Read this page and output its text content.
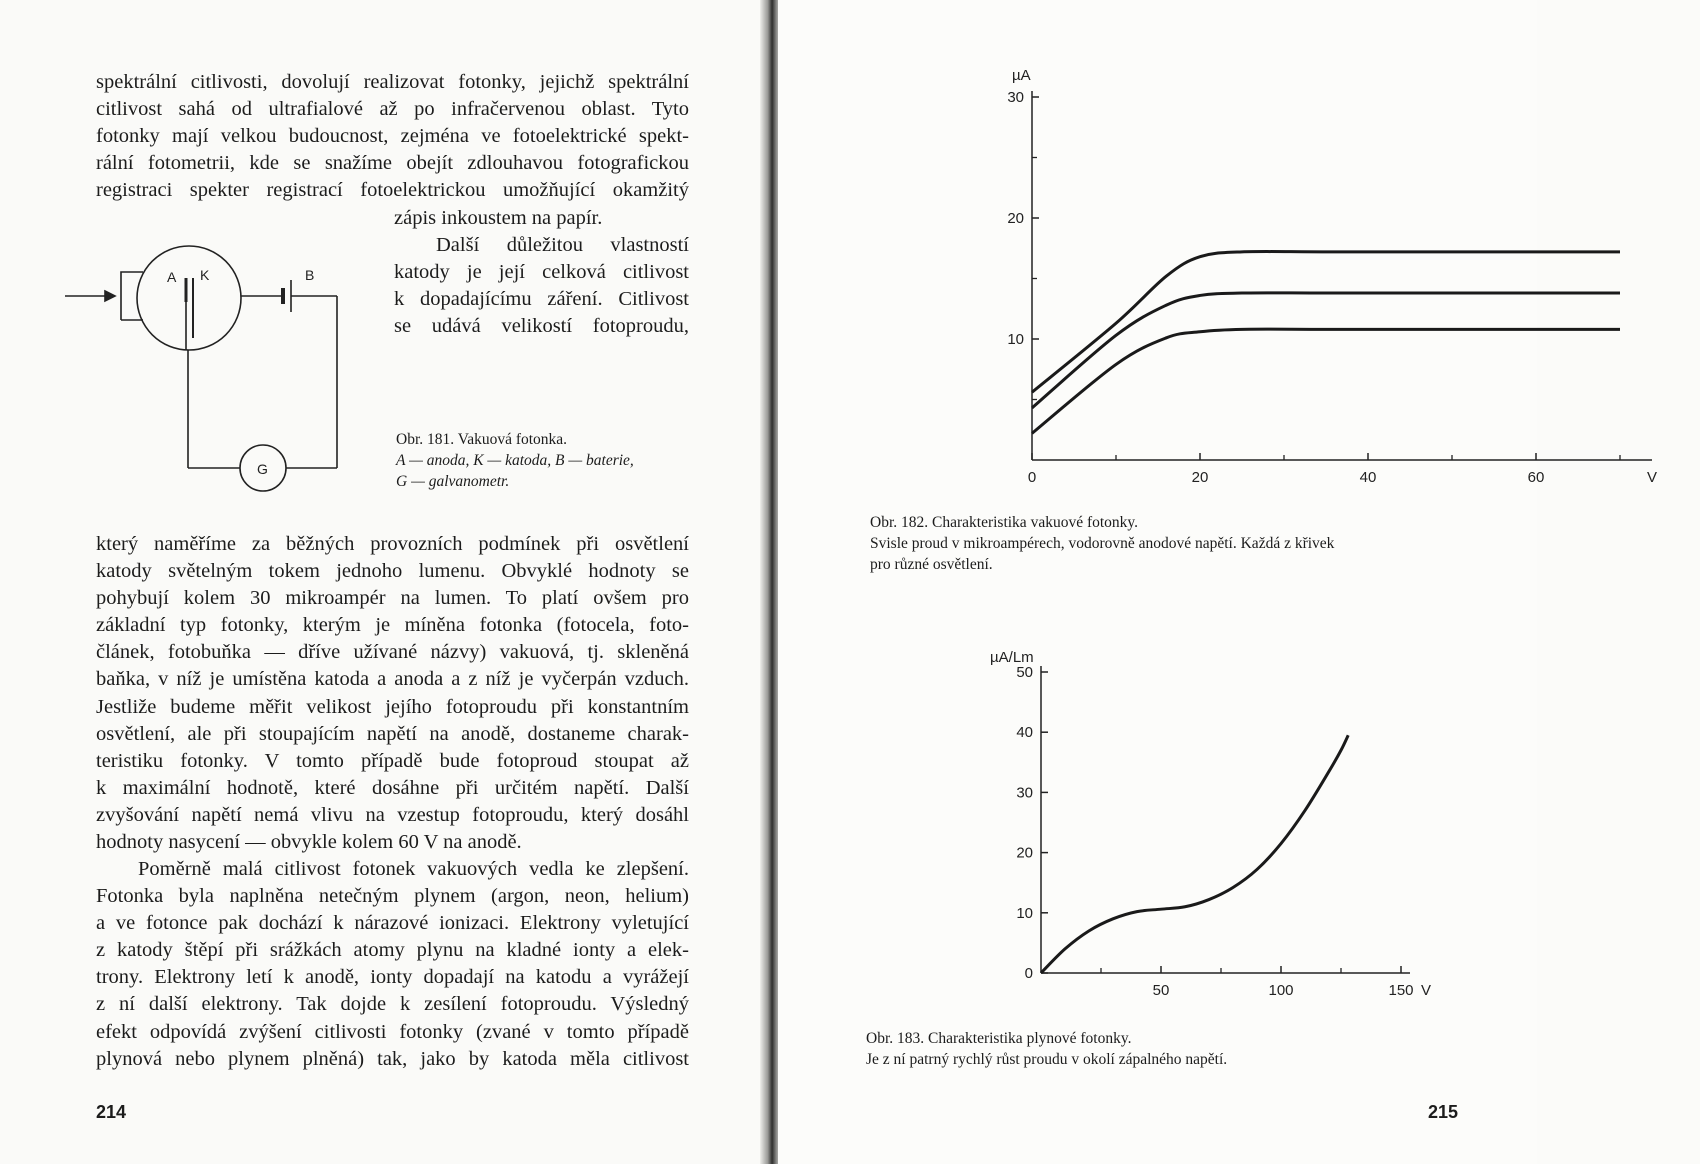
spektrální citlivosti, dovolují realizovat fotonky, jejichž spektrální
citlivost sahá od ultrafialové až po infračervenou oblast. Tyto
fotonky mají velkou budoucnost, zejména ve fotoelektrické spekt-
rální fotometrii, kde se snažíme obejít zdlouhavou fotografickou
registraci spekter registrací fotoelektrickou umožňující okamžitý
zápis inkoustem na papír.
Další důležitou vlastností
katody je její celková citlivost
k dopadajícímu záření. Citlivost
se udává velikostí fotoproudu,
A K	B
G
Obr. 181. Vakuová fotonka.
A — anoda, K — katoda, B — baterie,
G — galvanometr.
který naměříme za běžných provozních podmínek při osvětlení
katody světelným tokem jednoho lumenu. Obvyklé hodnoty se
pohybují kolem 30 mikroampér na lumen. To platí ovšem pro
základní typ fotonky, kterým je míněna fotonka (fotocela, foto-
článek, fotobuňka — dříve užívané názvy) vakuová, tj. skleněná
baňka, v níž je umístěna katoda a anoda a z níž je vyčerpán vzduch.
Jestliže budeme měřit velikost jejího fotoproudu při konstantním
osvětlení, ale při stoupajícím napětí na anodě, dostaneme charak-
teristiku fotonky. V tomto případě bude fotoproud stoupat až
k maximální hodnotě, které dosáhne při určitém napětí. Další
zvyšování napětí nemá vlivu na vzestup fotoproudu, který dosáhl
hodnoty nasycení — obvykle kolem 60 V na anodě.
Poměrně malá citlivost fotonek vakuových vedla ke zlepšení.
Fotonka byla naplněna netečným plynem (argon, neon, helium)
a ve fotonce pak dochází k nárazové ionizaci. Elektrony vyletující
z katody štěpí při srážkách atomy plynu na kladné ionty a elek-
trony. Elektrony letí k anodě, ionty dopadají na katodu a vyrážejí
z ní další elektrony. Tak dojde k zesílení fotoproudu. Výsledný
efekt odpovídá zvýšení citlivosti fotonky (zvané v tomto případě
plynová nebo plynem plněná) tak, jako by katoda měla citlivost
214
10
20
30
0	20	40	60	V
µA
Obr. 182. Charakteristika vakuové fotonky.
Svisle proud v mikroampérech, vodorovně anodové napětí. Každá z křivek
pro různé osvětlení.
0
10
20
30
40
50
50	100	150 V
µA/Lm
Obr. 183. Charakteristika plynové fotonky.
Je z ní patrný rychlý růst proudu v okolí zápalného napětí.
215
